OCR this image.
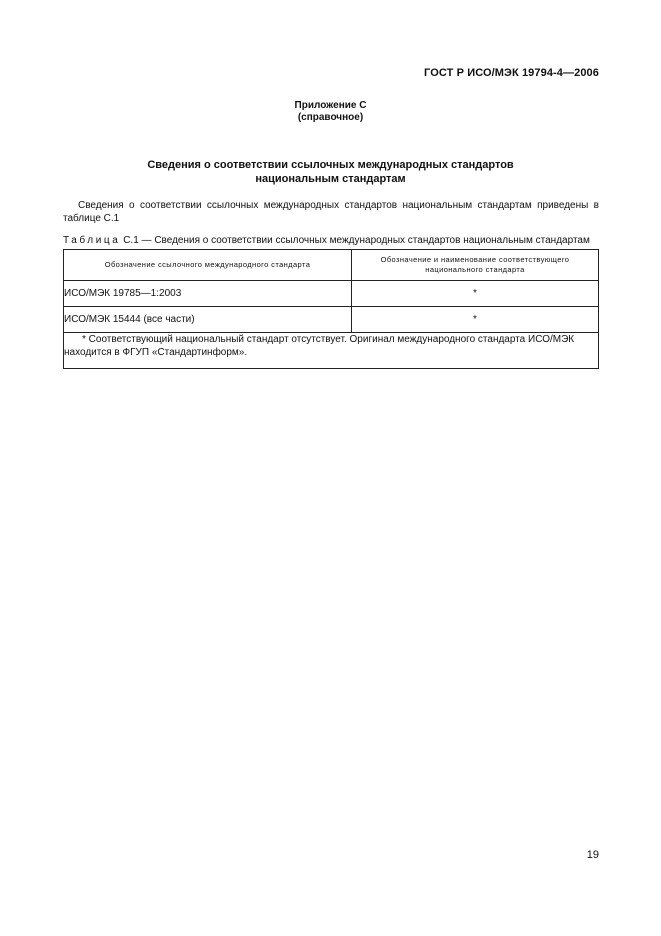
ГОСТ Р ИСО/МЭК 19794-4—2006
Приложение С
(справочное)
Сведения о соответствии ссылочных международных стандартов
национальным стандартам
Сведения о соответствии ссылочных международных стандартов национальным стандартам приведены в таблице С.1
Таблица С.1 — Сведения о соответствии ссылочных международных стандартов национальным стандартам
Обозначение ссылочного международного стандарта	Обозначение и наименование соответствующего национального стандарта
ИСО/МЭК 19785—1:2003	*
ИСО/МЭК 15444 (все части)	*
* Соответствующий национальный стандарт отсутствует. Оригинал международного стандарта ИСО/МЭК находится в ФГУП «Стандартинформ».	
19
